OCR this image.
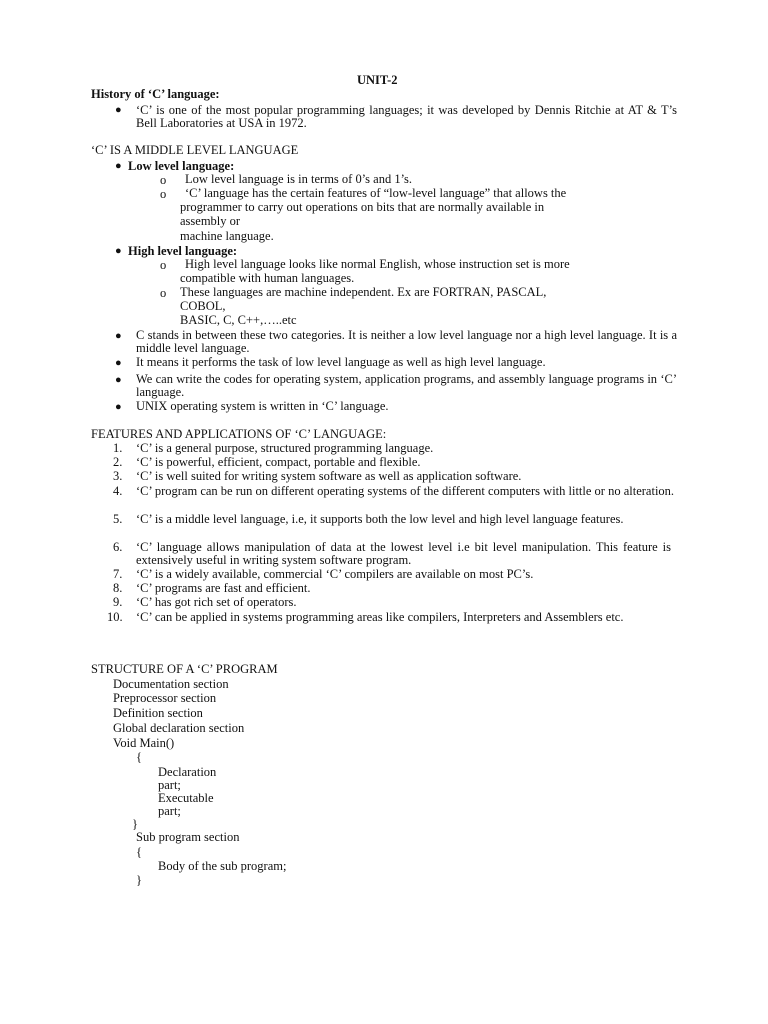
UNIT-2
History of ‘C’ language:
● ‘C’ is one of the most popular programming languages; it was developed by Dennis Ritchie at AT & T’s Bell Laboratories at USA in 1972.
‘C’ IS A MIDDLE LEVEL LANGUAGE
● Low level language:
o Low level language is in terms of 0’s and 1’s.
o ‘C’ language has the certain features of “low-level language” that allows the
programmer to carry out operations on bits that are normally available in
assembly or
machine language.
● High level language:
o High level language looks like normal English, whose instruction set is more
compatible with human languages.
o These languages are machine independent. Ex are FORTRAN, PASCAL,
COBOL,
BASIC, C, C++,…..etc
● C stands in between these two categories. It is neither a low level language nor a high level language. It is a middle level language.
● It means it performs the task of low level language as well as high level language.
● We can write the codes for operating system, application programs, and assembly language programs in ‘C’ language.
● UNIX operating system is written in ‘C’ language.
FEATURES AND APPLICATIONS OF ‘C’ LANGUAGE:
1. ‘C’ is a general purpose, structured programming language.
2. ‘C’ is powerful, efficient, compact, portable and flexible.
3. ‘C’ is well suited for writing system software as well as application software.
4. ‘C’ program can be run on different operating systems of the different computers with little or no alteration.
5. ‘C’ is a middle level language, i.e, it supports both the low level and high level language features.
6. ‘C’ language allows manipulation of data at the lowest level i.e bit level manipulation. This feature is extensively useful in writing system software program.
7. ‘C’ is a widely available, commercial ‘C’ compilers are available on most PC’s.
8. ‘C’ programs are fast and efficient.
9. ‘C’ has got rich set of operators.
10. ‘C’ can be applied in systems programming areas like compilers, Interpreters and Assemblers etc.
STRUCTURE OF A ‘C’ PROGRAM
Documentation section
Preprocessor section
Definition section
Global declaration section
Void Main()
{
Declaration
part;
Executable
part;
}
Sub program section
{
Body of the sub program;
}
